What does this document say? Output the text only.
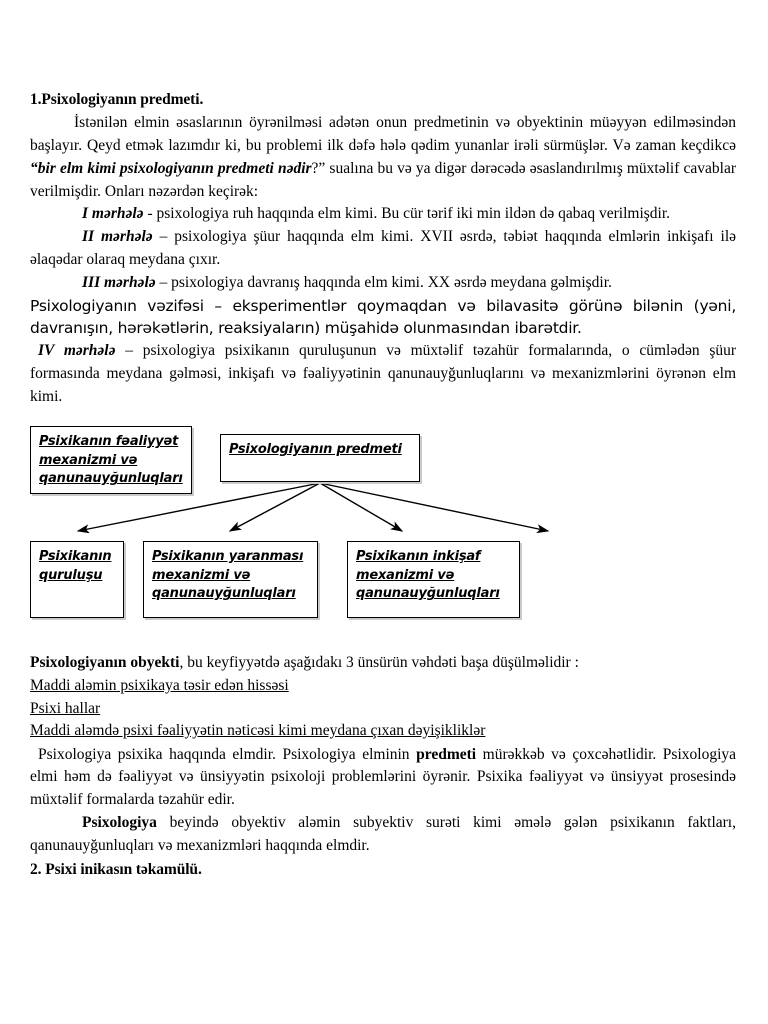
1.Psixologiyanın predmeti.

İstənilən elmin əsaslarının öyrənilməsi adətən onun predmetinin və obyektinin müəyyən edilməsindən başlayır. Qeyd etmək lazımdır ki, bu problemi ilk dəfə hələ qədim yunanlar irəli sürmüşlər. Və zaman keçdikcə “bir elm kimi psixologiyanın predmeti nədir?” sualına bu və ya digər dərəcədə əsaslandırılmış müxtəlif cavablar verilmişdir. Onları nəzərdən keçirək:

I mərhələ - psixologiya ruh haqqında elm kimi. Bu cür tərif iki min ildən də qabaq verilmişdir.

II mərhələ – psixologiya şüur haqqında elm kimi. XVII əsrdə, təbiət haqqında elmlərin inkişafı ilə əlaqədar olaraq meydana çıxır.

III mərhələ – psixologiya davranış haqqında elm kimi. XX əsrdə meydana gəlmişdir.

Psixologiyanın vəzifəsi – eksperimentlər qoymaqdan və bilavasitə görünə bilənin (yəni, davranışın, hərəkətlərin, reaksiyaların) müşahidə olunmasından ibarətdir.

IV mərhələ – psixologiya psixikanın quruluşunun və müxtəlif təzahür formalarında, o cümlədən şüur formasında meydana gəlməsi, inkişafı və fəaliyyətinin qanunauyğunluqlarını və mexanizmlərini öyrənən elm kimi.

Psixologiyanın predmeti
Psixikanın
quruluşu
Psixikanın yaranması
mexanizmi və
qanunauyğunluqları
Psixikanın inkişaf
mexanizmi və
qanunauyğunluqları
Psixikanın fəaliyyət
mexanizmi və
qanunauyğunluqları

Psixologiyanın obyekti, bu keyfiyyətdə aşağıdakı 3 ünsürün vəhdəti başa düşülməlidir :

Maddi aləmin psixikaya təsir edən hissəsi

Psixi hallar

Maddi aləmdə psixi fəaliyyətin nəticəsi kimi meydana çıxan dəyişikliklər

Psixologiya psixika haqqında elmdir. Psixologiya elminin predmeti mürəkkəb və çoxcəhətlidir. Psixologiya elmi həm də fəaliyyət və ünsiyyətin psixoloji problemlərini öyrənir. Psixika fəaliyyət və ünsiyyət prosesində müxtəlif formalarda təzahür edir.

Psixologiya beyində obyektiv aləmin subyektiv surəti kimi əmələ gələn psixikanın faktları, qanunauyğunluqları və mexanizmləri haqqında elmdir.

2. Psixi inikasın təkamülü.
